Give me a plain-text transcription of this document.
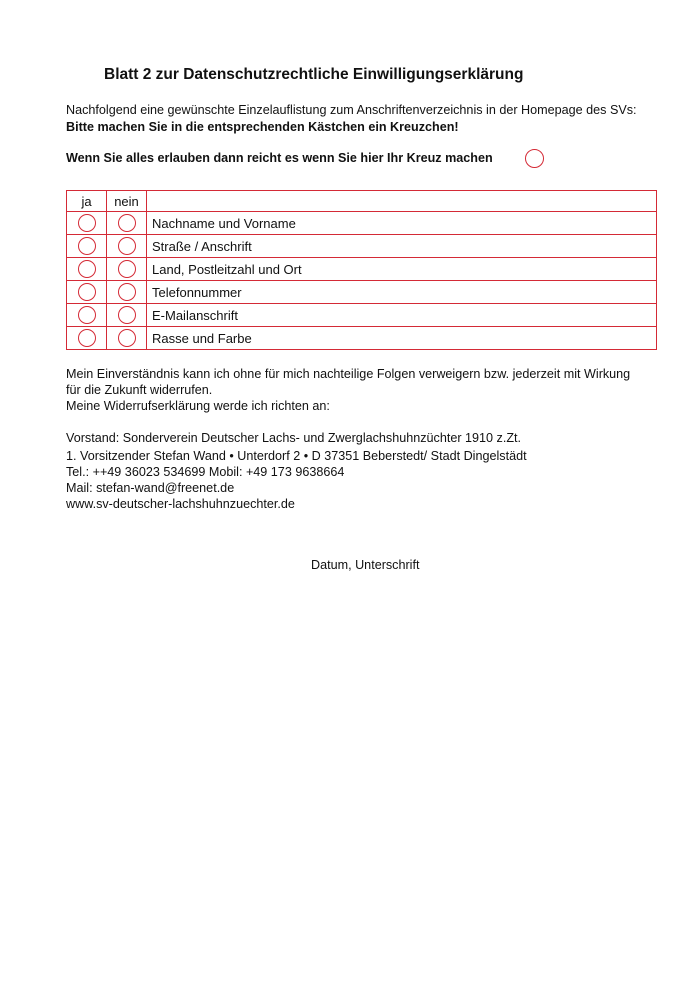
Blatt 2 zur Datenschutzrechtliche Einwilligungserklärung
Nachfolgend eine gewünschte Einzelauflistung zum Anschriftenverzeichnis in der Homepage des SVs:
Bitte machen Sie in die entsprechenden Kästchen ein Kreuzchen!
Wenn Sie alles erlauben dann reicht es wenn Sie hier Ihr Kreuz machen
ja	nein	

	Nachname und Vorname

	Straße / Anschrift

	Land, Postleitzahl und Ort

	Telefonnummer

	E-Mailanschrift

	Rasse und Farbe
Mein Einverständnis kann ich ohne für mich nachteilige Folgen verweigern bzw. jederzeit mit Wirkung
für die Zukunft widerrufen.
Meine Widerrufserklärung werde ich richten an:
Vorstand: Sonderverein Deutscher Lachs- und Zwerglachshuhnzüchter 1910 z.Zt.
1. Vorsitzender Stefan Wand • Unterdorf 2 • D 37351 Beberstedt/ Stadt Dingelstädt
Tel.: ++49 36023 534699 Mobil: +49 173 9638664
Mail: stefan-wand@freenet.de
www.sv-deutscher-lachshuhnzuechter.de
Datum, Unterschrift
